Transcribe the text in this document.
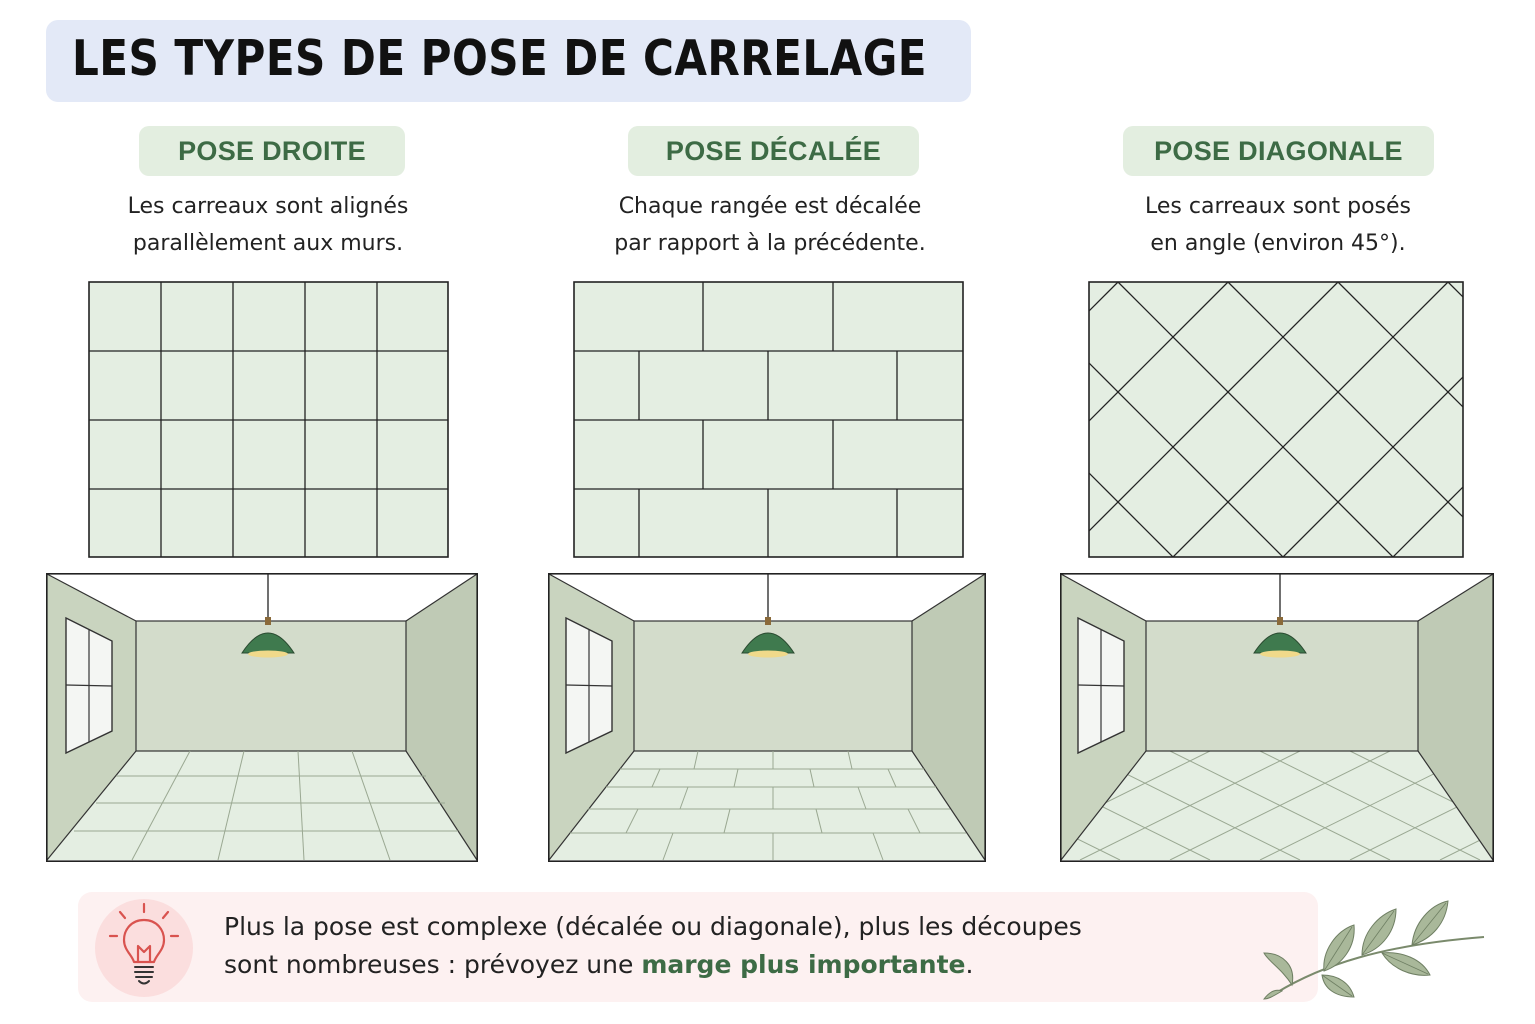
LES TYPES DE POSE DE CARRELAGE
POSE DROITE
Les carreaux sont alignés
parallèlement aux murs.
POSE DÉCALÉE
Chaque rangée est décalée
par rapport à la précédente.
POSE DIAGONALE
Les carreaux sont posés
en angle (environ 45°).
Plus la pose est complexe (décalée ou diagonale), plus les découpes
sont nombreuses : prévoyez une marge plus importante.
